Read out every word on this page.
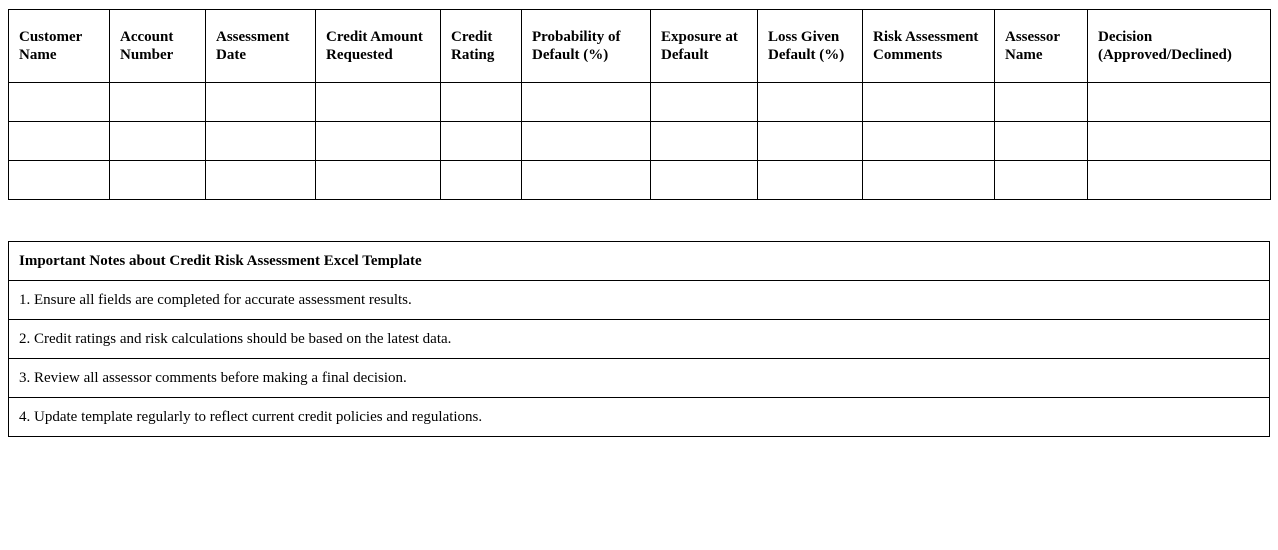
Customer Name	Account Number	Assessment Date	Credit Amount Requested	Credit Rating	Probability of Default (%)	Exposure at Default	Loss Given Default (%)	Risk Assessment Comments	Assessor Name	Decision (Approved/Declined)

Important Notes about Credit Risk Assessment Excel Template
1. Ensure all fields are completed for accurate assessment results.
2. Credit ratings and risk calculations should be based on the latest data.
3. Review all assessor comments before making a final decision.
4. Update template regularly to reflect current credit policies and regulations.
